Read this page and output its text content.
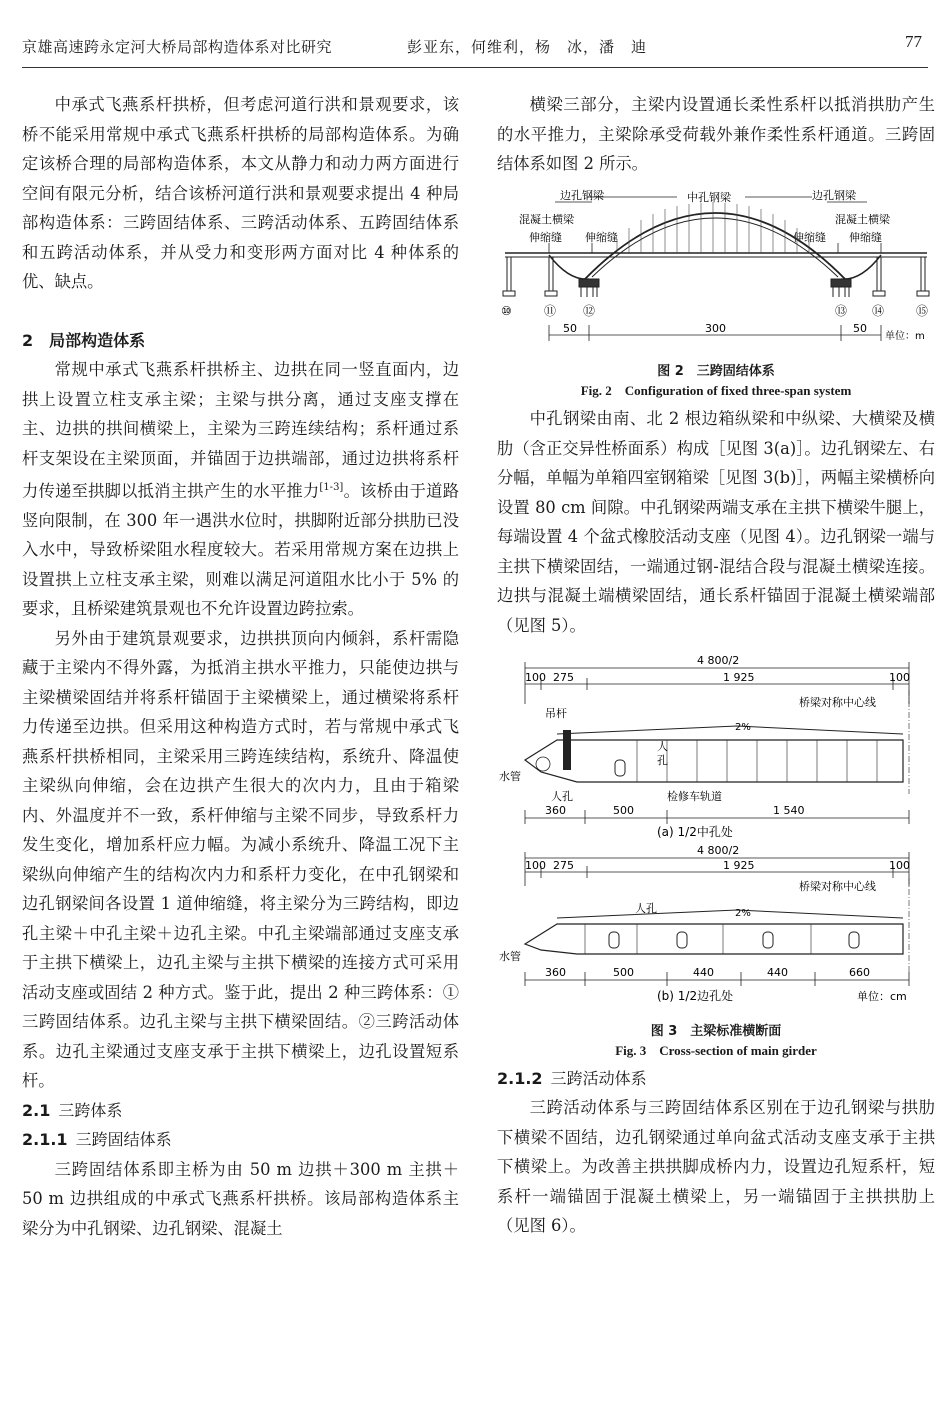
京雄高速跨永定河大桥局部构造体系对比研究	彭亚东，何维利，杨　冰，潘　迪	77

中承式飞燕系杆拱桥，但考虑河道行洪和景观要求，该桥不能采用常规中承式飞燕系杆拱桥的局部构造体系。为确定该桥合理的局部构造体系，本文从静力和动力两方面进行空间有限元分析，结合该桥河道行洪和景观要求提出 4 种局部构造体系：三跨固结体系、三跨活动体系、五跨固结体系和五跨活动体系，并从受力和变形两方面对比 4 种体系的优、缺点。

2　局部构造体系

常规中承式飞燕系杆拱桥主、边拱在同一竖直面内，边拱上设置立柱支承主梁；主梁与拱分离，通过支座支撑在主、边拱的拱间横梁上，主梁为三跨连续结构；系杆通过系杆支架设在主梁顶面，并锚固于边拱端部，通过边拱将系杆力传递至拱脚以抵消主拱产生的水平推力[1-3]。该桥由于道路竖向限制，在 300 年一遇洪水位时，拱脚附近部分拱肋已没入水中，导致桥梁阻水程度较大。若采用常规方案在边拱上设置拱上立柱支承主梁，则难以满足河道阻水比小于 5% 的要求，且桥梁建筑景观也不允许设置边跨拉索。

另外由于建筑景观要求，边拱拱顶向内倾斜，系杆需隐藏于主梁内不得外露，为抵消主拱水平推力，只能使边拱与主梁横梁固结并将系杆锚固于主梁横梁上，通过横梁将系杆力传递至边拱。但采用这种构造方式时，若与常规中承式飞燕系杆拱桥相同，主梁采用三跨连续结构，系统升、降温使主梁纵向伸缩，会在边拱产生很大的次内力，且由于箱梁内、外温度并不一致，系杆伸缩与主梁不同步，导致系杆力发生变化，增加系杆应力幅。为减小系统升、降温工况下主梁纵向伸缩产生的结构次内力和系杆力变化，在中孔钢梁和边孔钢梁间各设置 1 道伸缩缝，将主梁分为三跨结构，即边孔主梁＋中孔主梁＋边孔主梁。中孔主梁端部通过支座支承于主拱下横梁上，边孔主梁与主拱下横梁的连接方式可采用活动支座或固结 2 种方式。鉴于此，提出 2 种三跨体系：①三跨固结体系。边孔主梁与主拱下横梁固结。②三跨活动体系。边孔主梁通过支座支承于主拱下横梁上，边孔设置短系杆。

2.1 三跨体系
2.1.1 三跨固结体系

三跨固结体系即主桥为由 50 m 边拱＋300 m 主拱＋50 m 边拱组成的中承式飞燕系杆拱桥。该局部构造体系主梁分为中孔钢梁、边孔钢梁、混凝土

横梁三部分，主梁内设置通长柔性系杆以抵消拱肋产生的水平推力，主梁除承受荷载外兼作柔性系杆通道。三跨固结体系如图 2 所示。

边孔钢梁	中孔钢梁	边孔钢梁
混凝土横梁	混凝土横梁
伸缩缝 伸缩缝	伸缩缝 伸缩缝
⑩	⑪ ⑫	⑬ ⑭	⑮
50	300	50
单位：m
图 2　三跨固结体系
Fig. 2　Configuration of fixed three-span system

中孔钢梁由南、北 2 根边箱纵梁和中纵梁、大横梁及横肋（含正交异性桥面系）构成［见图 3(a)］。边孔钢梁左、右分幅，单幅为单箱四室钢箱梁［见图 3(b)］，两幅主梁横桥向设置 80 cm 间隙。中孔钢梁两端支承在主拱下横梁牛腿上，每端设置 4 个盆式橡胶活动支座（见图 4）。边孔钢梁一端与主拱下横梁固结，一端通过钢-混结合段与混凝土横梁连接。边拱与混凝土端横梁固结，通长系杆锚固于混凝土横梁端部（见图 5）。

4 800/2
100 275	1 925	100
桥梁对称中心线
吊杆
2%
人
孔
水管
人孔	检修车轨道
360	500	1 540
(a) 1/2中孔处
4 800/2
100 275	1 925	100
桥梁对称中心线
人孔	2%
水管
360	500	440	440	660
(b) 1/2边孔处	单位：cm
图 3　主梁标准横断面
Fig. 3　Cross-section of main girder
2.1.2 三跨活动体系

三跨活动体系与三跨固结体系区别在于边孔钢梁与拱肋下横梁不固结，边孔钢梁通过单向盆式活动支座支承于主拱下横梁上。为改善主拱拱脚成桥内力，设置边孔短系杆，短系杆一端锚固于混凝土横梁上，另一端锚固于主拱拱肋上（见图 6）。
